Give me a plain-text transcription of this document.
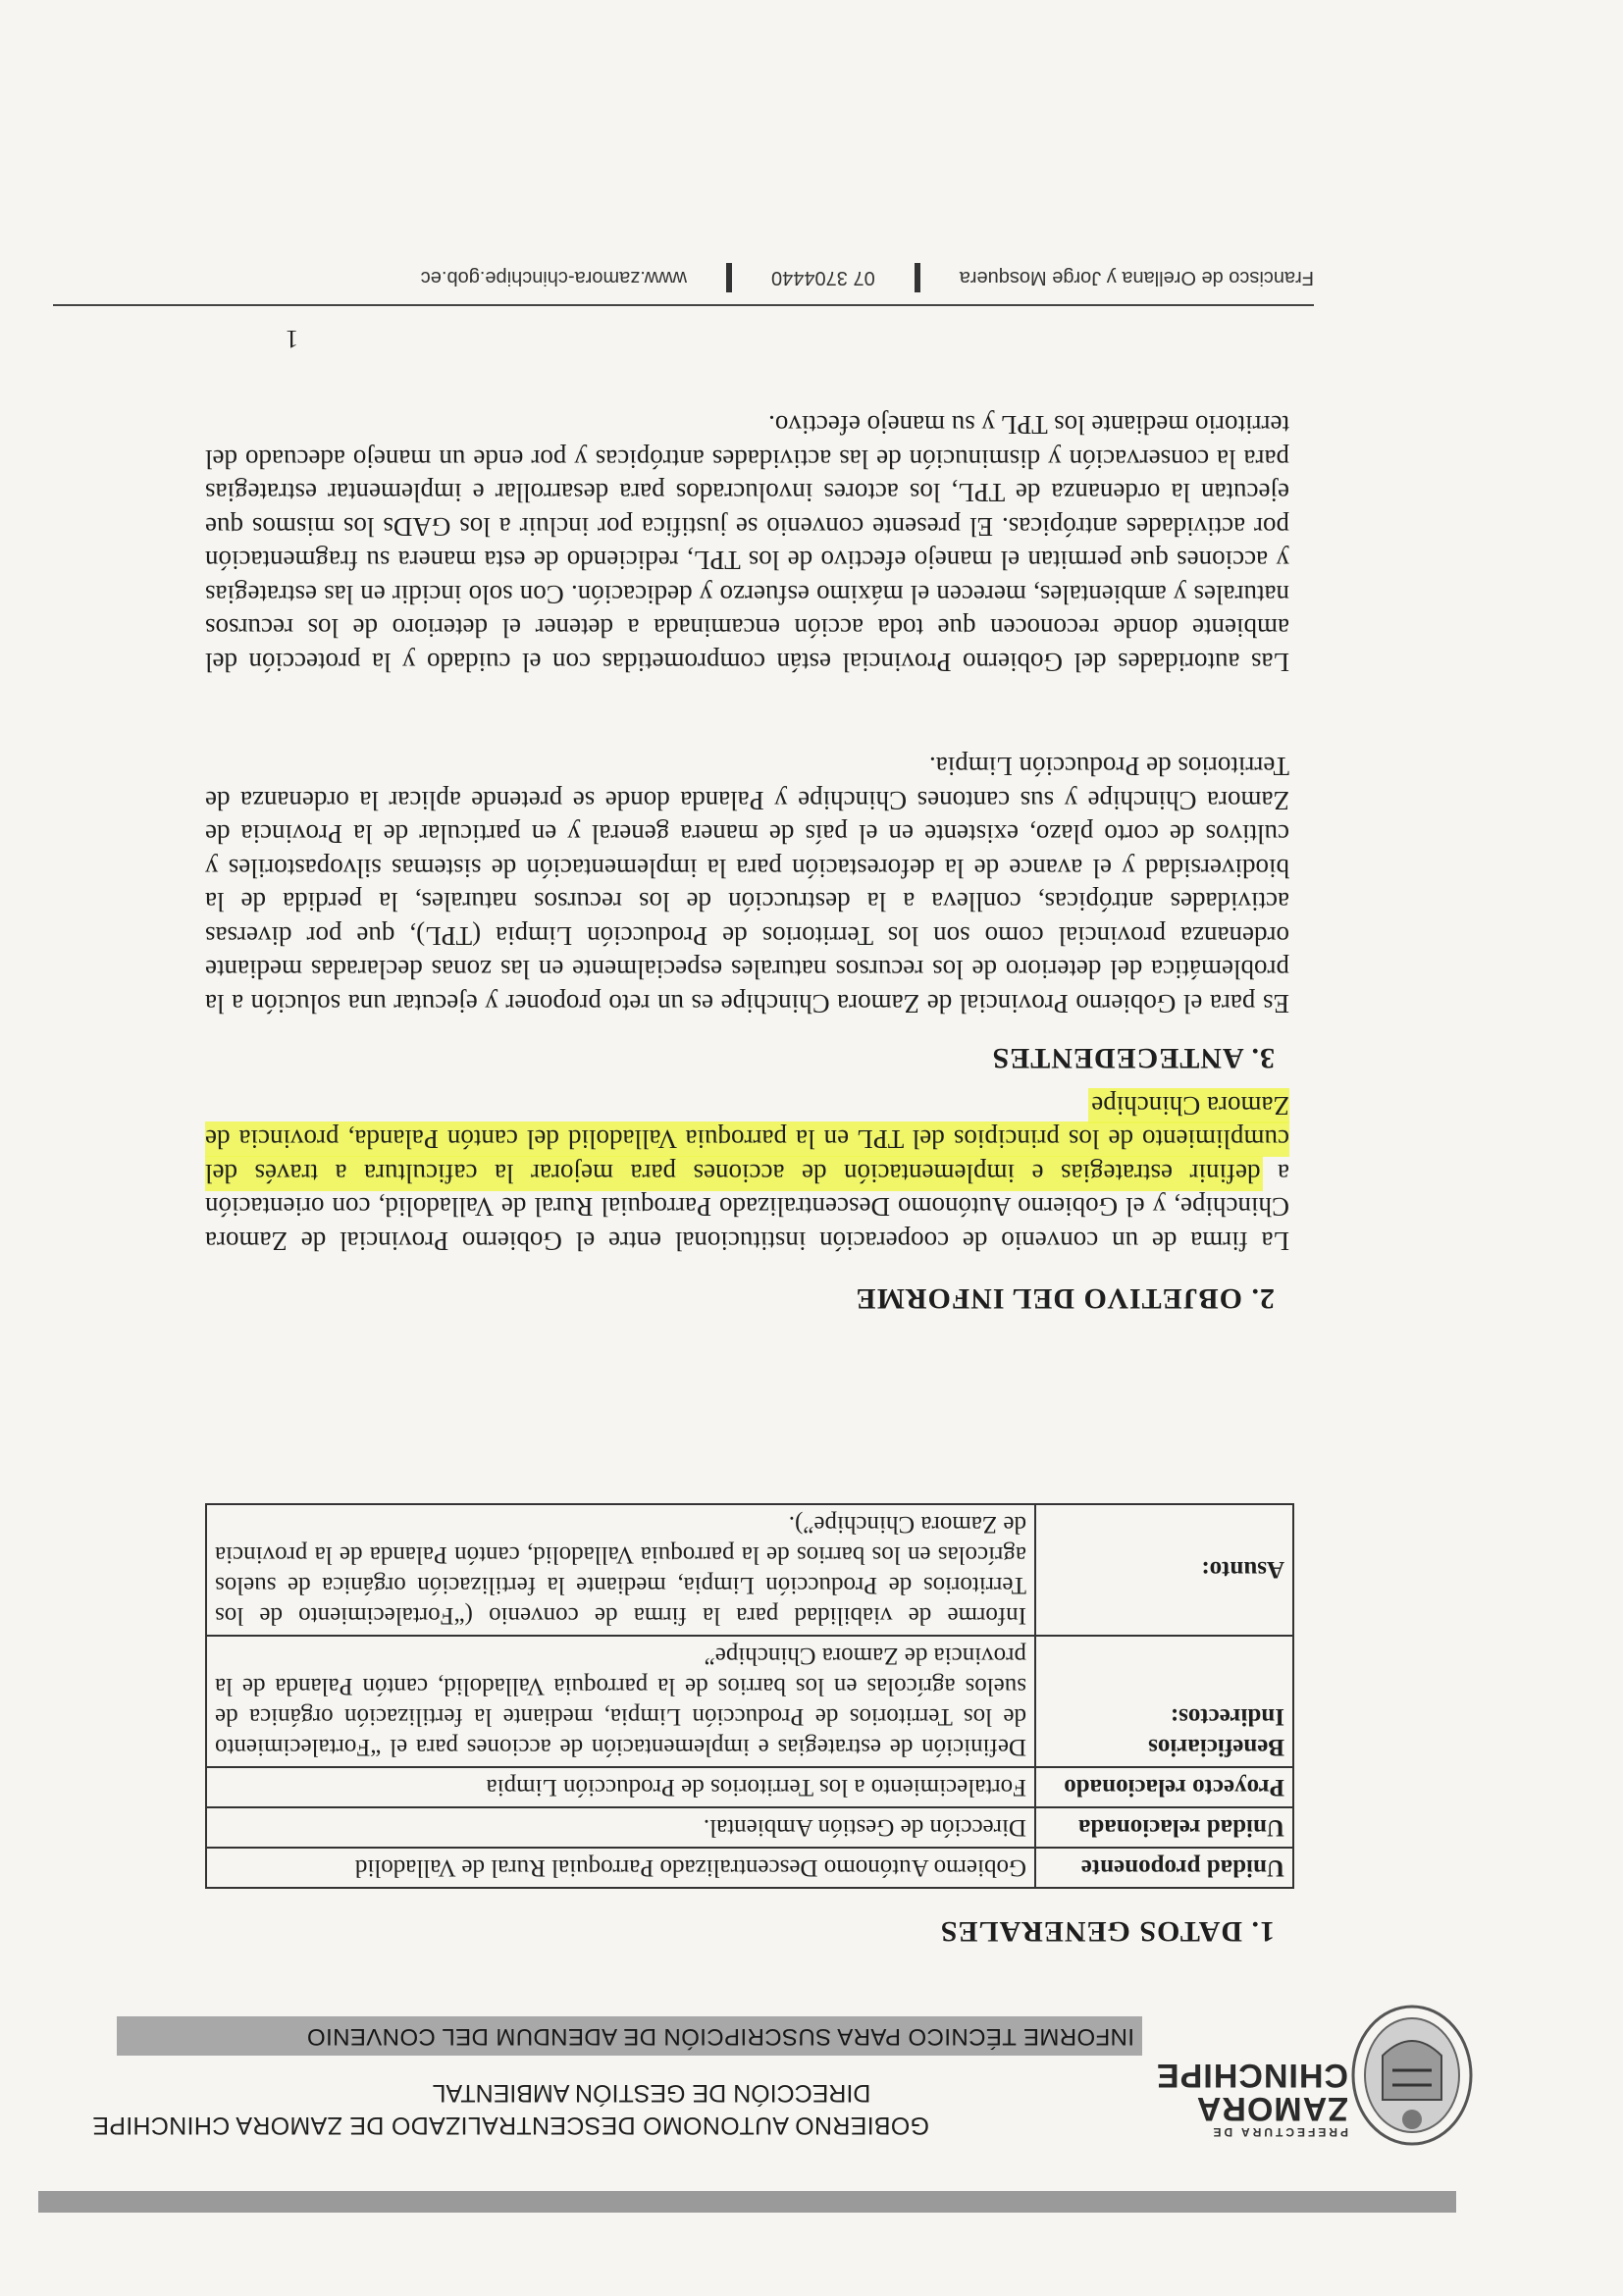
PREFECTURA DE
ZAMORA
CHINCHIPE
GOBIERNO AUTONOMO DESCENTRALIZADO DE ZAMORA CHINCHIPE
DIRECCIÓN DE GESTIÓN AMBIENTAL
INFORME TÉCNICO PARA SUSCRIPCIÓN DE ADENDUM DEL CONVENIO
1. DATOS GENERALES
Unidad proponente	Gobierno Autónomo Descentralizado Parroquial Rural de Valladolid
Unidad relacionada	Dirección de Gestión Ambiental.
Proyecto relacionado	Fortalecimiento a los Territorios de Producción Limpia
Beneficiarios Indirectos:	Definición de estrategias e implementación de acciones para el “Fortalecimiento de los Territorios de Producción Limpia, mediante la fertilización orgánica de suelos agrícolas en los barrios de la parroquia Valladolid, cantón Palanda de la provincia de Zamora Chinchipe”
Asunto:	Informe de viabilidad para la firma de convenio (“Fortalecimiento de los Territorios de Producción Limpia, mediante la fertilización orgánica de suelos agrícolas en los barrios de la parroquia Valladolid, cantón Palanda de la provincia de Zamora Chinchipe”).
2. OBJETIVO DEL INFORME
La firma de un convenio de cooperación institucional entre el Gobierno Provincial de Zamora Chinchipe, y el Gobierno Autónomo Descentralizado Parroquial Rural de Valladolid, con orientación a definir estrategias e implementación de acciones para mejorar la caficultura a través del cumplimiento de los principios del TPL en la parroquia Valladolid del cantón Palanda, provincia de Zamora Chinchipe
3. ANTECEDENTES
Es para el Gobierno Provincial de Zamora Chinchipe es un reto proponer y ejecutar una solución a la problemática del deterioro de los recursos naturales especialmente en las zonas declaradas mediante ordenanza provincial como son los Territorios de Producción Limpia (TPL), que por diversas actividades antrópicas, conlleva a la destrucción de los recursos naturales, la perdida de la biodiversidad y el avance de la deforestación para la implementación de sistemas silvopastoriles y cultivos de corto plazo, existente en el país de manera general y en particular de la Provincia de Zamora Chinchipe y sus cantones Chinchipe y Palanda donde se pretende aplicar la ordenanza de Territorios de Producción Limpia.
Las autoridades del Gobierno Provincial están comprometidas con el cuidado y la protección del ambiente donde reconocen que toda acción encaminada a detener el deterioro de los recursos naturales y ambientales, merecen el máximo esfuerzo y dedicación. Con solo incidir en las estrategias y acciones que permitan el manejo efectivo de los TPL, rediciendo de esta manera su fragmentación por actividades antrópicas. El presente convenio se justifica por incluir a los GADs los mismos que ejecutan la ordenanza de TPL, los actores involucrados para desarrollar e implementar estrategias para la conservación y disminución de las actividades antrópicas y por ende un manejo adecuado del territorio mediante los TPL y su manejo efectivo.
1
Francisco de Orellana y Jorge Mosquera
07 3704440
www.zamora-chinchipe.gob.ec
